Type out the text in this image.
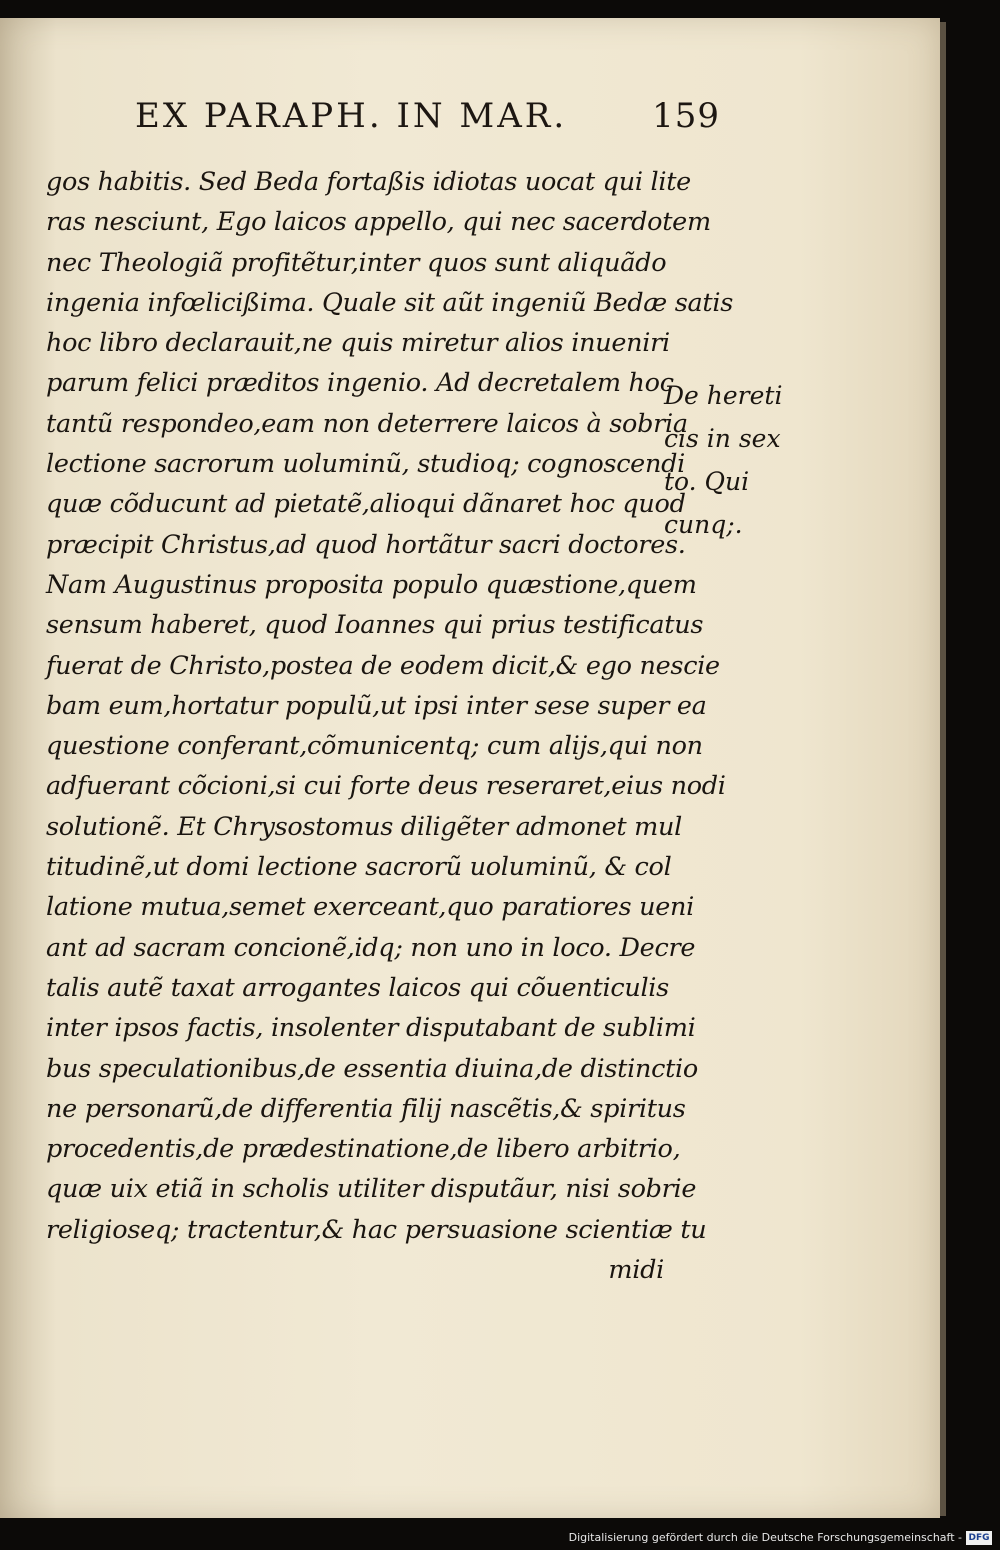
EX PARAPH. IN MAR. 159
gos habitis. Sed Beda fortaßis idiotas uocat qui lite
ras nesciunt, Ego laicos appello, qui nec sacerdotem
nec Theologiã profitẽtur,inter quos sunt aliquãdo
ingenia infœlicißima. Quale sit aũt ingeniũ Bedæ satis
hoc libro declarauit,ne quis miretur alios inueniri
parum felici præditos ingenio. Ad decretalem hoc
tantũ respondeo,eam non deterrere laicos à sobria
lectione sacrorum uoluminũ, studioq; cognoscendi
quæ cõducunt ad pietatẽ,alioqui dãnaret hoc quod
præcipit Christus,ad quod hortãtur sacri doctores.
Nam Augustinus proposita populo quæstione,quem
sensum haberet, quod Ioannes qui prius testificatus
fuerat de Christo,postea de eodem dicit,& ego nescie
bam eum,hortatur populũ,ut ipsi inter sese super ea
questione conferant,cõmunicentq; cum alijs,qui non
adfuerant cõcioni,si cui forte deus reseraret,eius nodi
solutionẽ. Et Chrysostomus diligẽter admonet mul
titudinẽ,ut domi lectione sacrorũ uoluminũ, & col
latione mutua,semet exerceant,quo paratiores ueni
ant ad sacram concionẽ,idq; non uno in loco. Decre
talis autẽ taxat arrogantes laicos qui cõuenticulis
inter ipsos factis, insolenter disputabant de sublimi
bus speculationibus,de essentia diuina,de distinctio
ne personarũ,de differentia filij nascẽtis,& spiritus
procedentis,de prædestinatione,de libero arbitrio,
quæ uix etiã in scholis utiliter disputãur, nisi sobrie
religioseq; tractentur,& hac persuasione scientiæ tu
midi
De hereti
cis in sex
to. Qui
cunq;.
Digitalisierung gefördert durch die Deutsche Forschungsgemeinschaft - DFG
